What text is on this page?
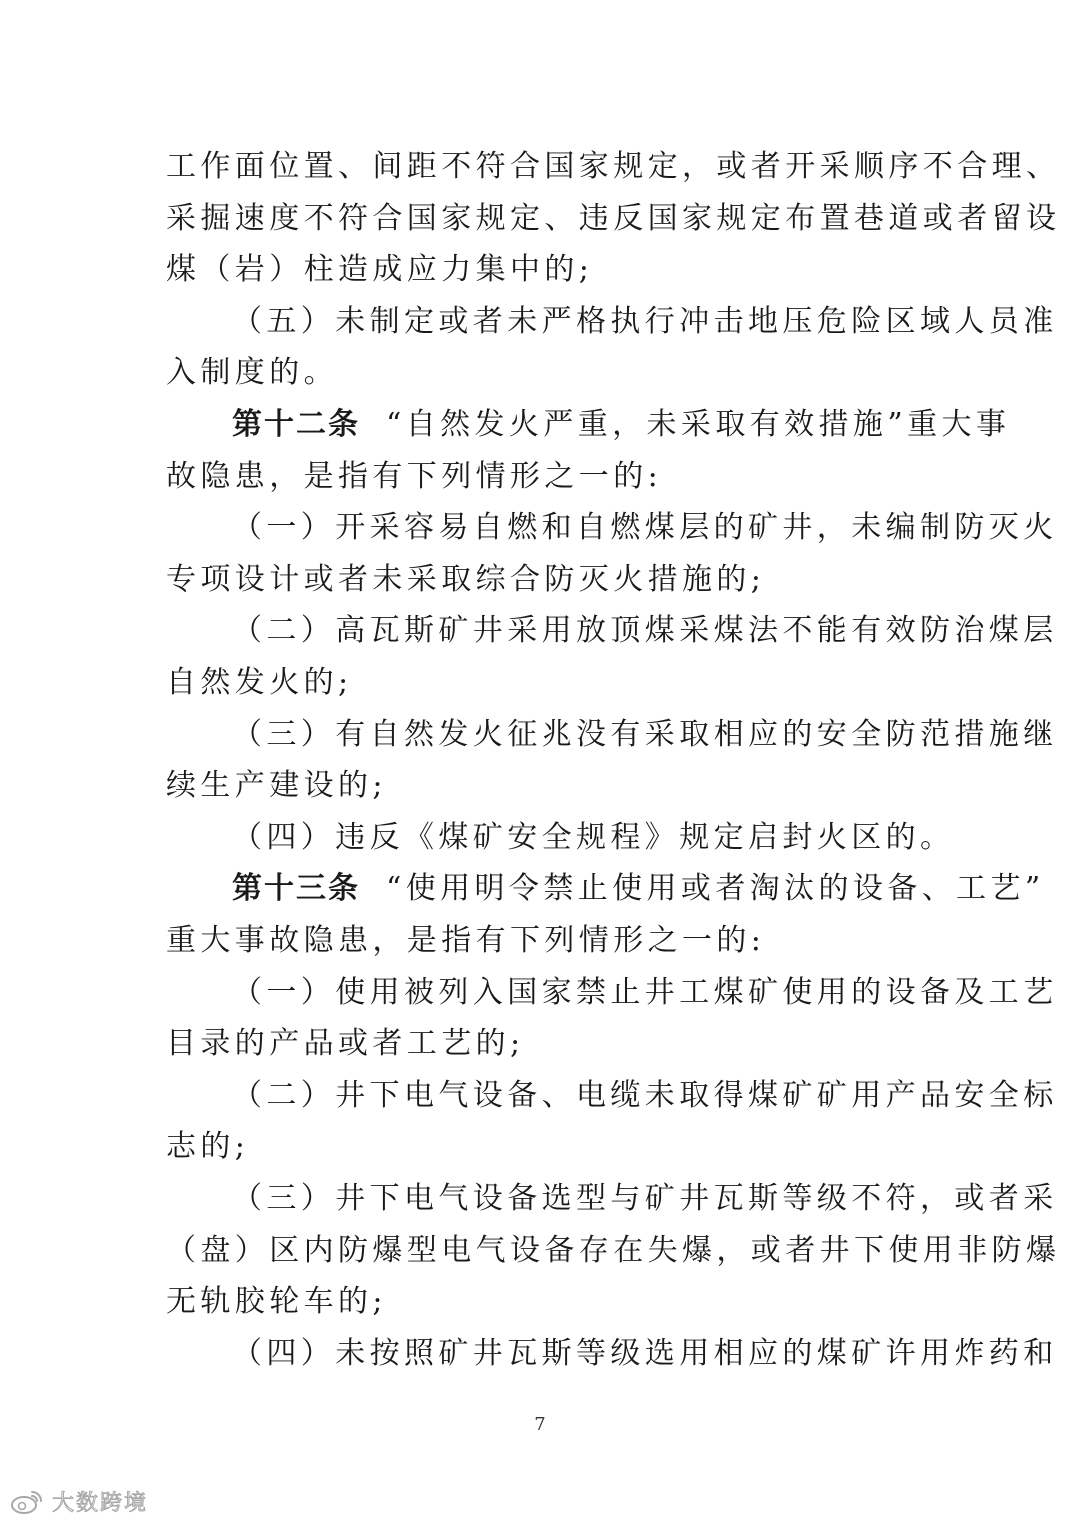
工作面位置、间距不符合国家规定，或者开采顺序不合理、
采掘速度不符合国家规定、违反国家规定布置巷道或者留设
煤（岩）柱造成应力集中的;
（五）未制定或者未严格执行冲击地压危险区域人员准
入制度的。
第十二条 “自然发火严重，未采取有效措施”重大事
故隐患，是指有下列情形之一的:
（一）开采容易自燃和自燃煤层的矿井，未编制防灭火
专项设计或者未采取综合防灭火措施的;
（二）高瓦斯矿井采用放顶煤采煤法不能有效防治煤层
自然发火的;
（三）有自然发火征兆没有采取相应的安全防范措施继
续生产建设的;
（四）违反《煤矿安全规程》规定启封火区的。
第十三条 “使用明令禁止使用或者淘汰的设备、工艺”
重大事故隐患，是指有下列情形之一的:
（一）使用被列入国家禁止井工煤矿使用的设备及工艺
目录的产品或者工艺的;
（二）井下电气设备、电缆未取得煤矿矿用产品安全标
志的;
（三）井下电气设备选型与矿井瓦斯等级不符，或者采
（盘）区内防爆型电气设备存在失爆，或者井下使用非防爆
无轨胶轮车的;
（四）未按照矿井瓦斯等级选用相应的煤矿许用炸药和
7
大数跨境
